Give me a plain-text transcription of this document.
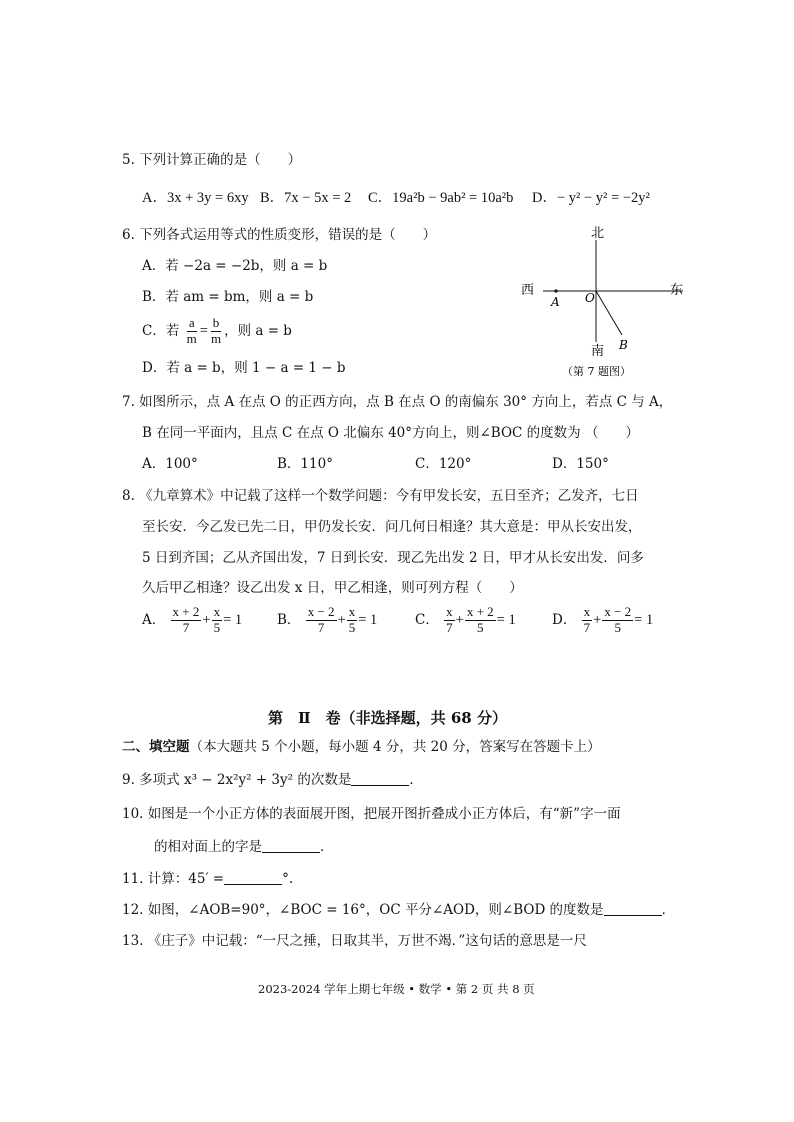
5. 下列计算正确的是（　　）
A．3x + 3y = 6xy B．7x − 5x = 2 C．19a²b − 9ab² = 10a²b D．− y² − y² = −2y²
6. 下列各式运用等式的性质变形，错误的是（　　）
A．若 −2a = −2b，则 a = b
B．若 am = bm，则 a = b
C．若 $\frac{a}{m} = \frac{b}{m}$ ，则 a = b
D．若 a = b，则 1 − a = 1 − b
北
南
西	东
A O
B
（第 7 题图）
7. 如图所示，点 A 在点 O 的正西方向，点 B 在点 O 的南偏东 30° 方向上，若点 C 与 A，
B 在同一平面内，且点 C 在点 O 北偏东 40°方向上，则∠BOC 的度数为 （　　）
A．100°	B．110°	C．120°	D．150°
8. 《九章算术》中记载了这样一个数学问题：今有甲发长安，五日至齐；乙发齐，七日
至长安．今乙发已先二日，甲仍发长安．问几何日相逢？其大意是：甲从长安出发，
5 日到齐国；乙从齐国出发，7 日到长安．现乙先出发 2 日，甲才从长安出发．问多
久后甲乙相逢？设乙出发 x 日，甲乙相逢，则可列方程（　　）
A． $\frac{x + 2}{7} + \frac{x}{5} = 1$	B． $\frac{x - 2}{7} + \frac{x}{5} = 1$	C． $\frac{x}{7} + \frac{x + 2}{5} = 1$	D． $\frac{x}{7} + \frac{x - 2}{5} = 1$
第　Ⅱ　卷（非选择题，共 68 分）
二、填空题（本大题共 5 个小题，每小题 4 分，共 20 分，答案写在答题卡上）
9. 多项式 x³ − 2x²y² + 3y² 的次数是	．
10. 如图是一个小正方体的表面展开图，把展开图折叠成小正方体后，有“新”字一面
的相对面上的字是	．
11. 计算：45′ =	°.
12. 如图，∠AOB=90°，∠BOC = 16°，OC 平分∠AOD，则∠BOD 的度数是	．
13. 《庄子》中记载：“一尺之捶，日取其半，万世不竭．”这句话的意思是一尺
2023-2024 学年上期七年级 • 数学 • 第 2 页 共 8 页
